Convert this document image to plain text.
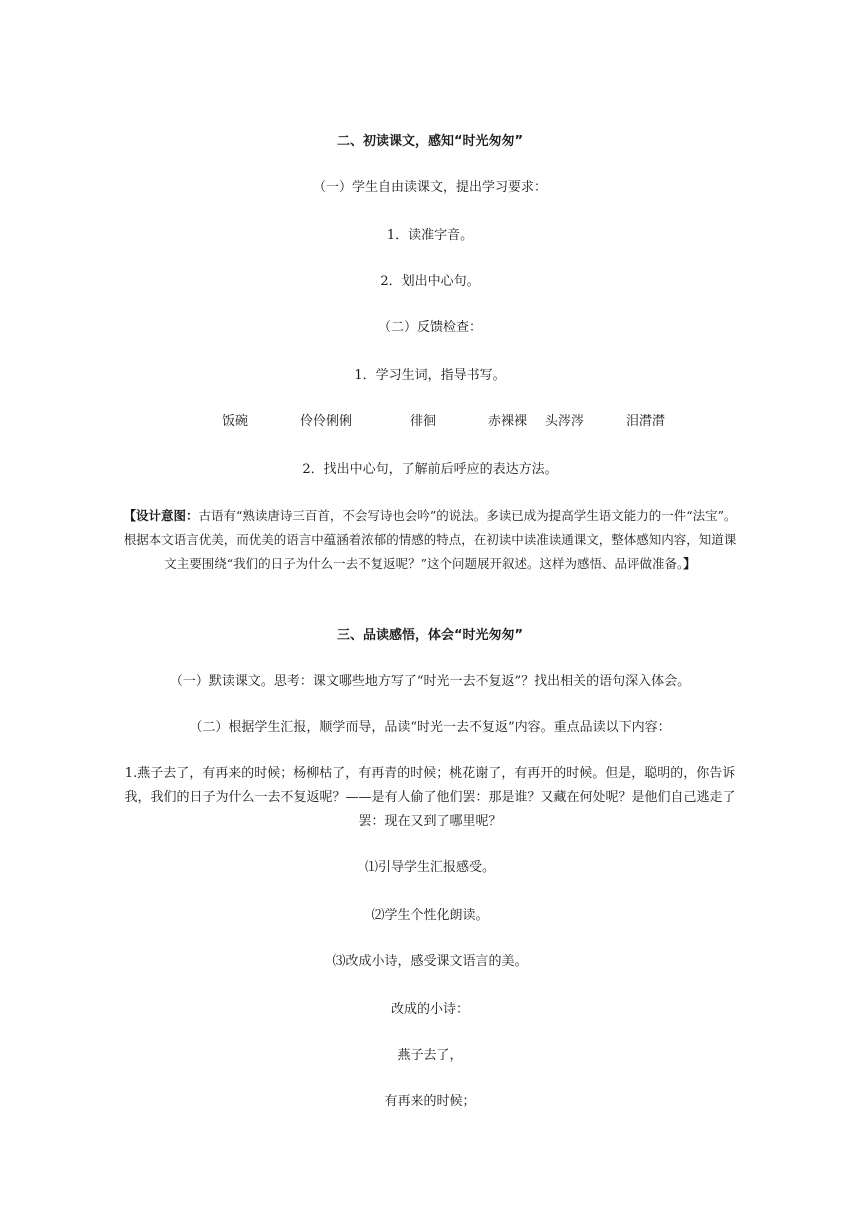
二、初读课文，感知“时光匆匆”
（一）学生自由读课文，提出学习要求：
1．读准字音。
2．划出中心句。
（二）反馈检查：
1．学习生词，指导书写。
饭碗	伶伶俐俐	徘徊	赤裸裸 头涔涔	泪潸潸
2．找出中心句，了解前后呼应的表达方法。
【设计意图：古语有“熟读唐诗三百首，不会写诗也会吟”的说法。多读已成为提高学生语文能力的一件“法宝”。根据本文语言优美，而优美的语言中蕴涵着浓郁的情感的特点，在初读中读准读通课文，整体感知内容，知道课文主要围绕“我们的日子为什么一去不复返呢？”这个问题展开叙述。这样为感悟、品评做准备。】
三、品读感悟，体会“时光匆匆”
（一）默读课文。思考：课文哪些地方写了“时光一去不复返”？找出相关的语句深入体会。
（二）根据学生汇报，顺学而导，品读“时光一去不复返”内容。重点品读以下内容：
1.燕子去了，有再来的时候；杨柳枯了，有再青的时候；桃花谢了，有再开的时候。但是，聪明的，你告诉我，我们的日子为什么一去不复返呢？——是有人偷了他们罢：那是谁？又藏在何处呢？是他们自己逃走了罢：现在又到了哪里呢？
⑴引导学生汇报感受。
⑵学生个性化朗读。
⑶改成小诗，感受课文语言的美。
改成的小诗：
燕子去了，
有再来的时候；
